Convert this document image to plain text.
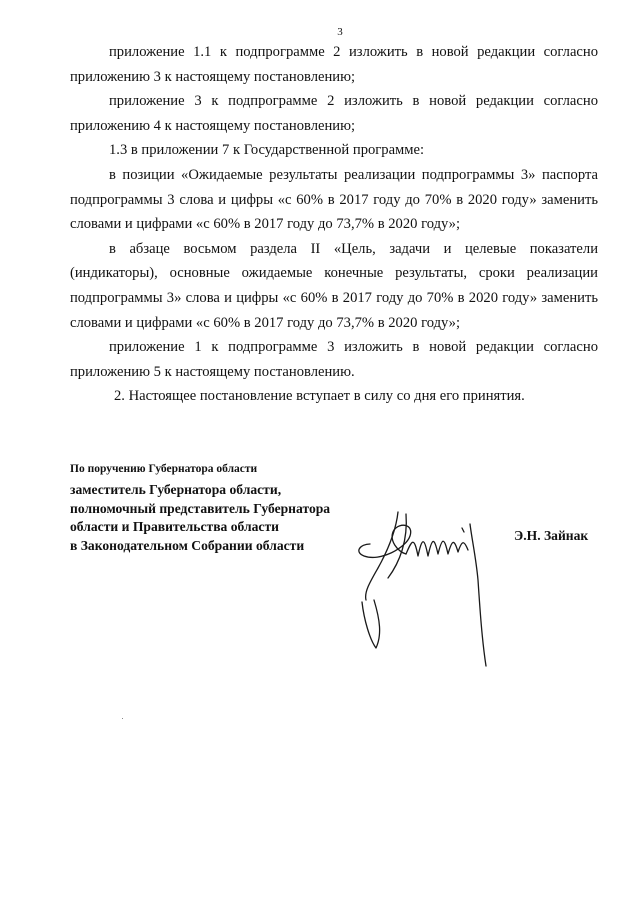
3

приложение 1.1 к подпрограмме 2 изложить в новой редакции согласно приложению 3 к настоящему постановлению;

приложение 3 к подпрограмме 2 изложить в новой редакции согласно приложению 4 к настоящему постановлению;

1.3 в приложении 7 к Государственной программе:

в позиции «Ожидаемые результаты реализации подпрограммы 3» паспорта подпрограммы 3 слова и цифры «с 60% в 2017 году до 70% в 2020 году» заменить словами и цифрами «с 60% в 2017 году до 73,7% в 2020 году»;

в абзаце восьмом раздела II «Цель, задачи и целевые показатели (индикаторы), основные ожидаемые конечные результаты, сроки реализации подпрограммы 3» слова и цифры «с 60% в 2017 году до 70% в 2020 году» заменить словами и цифрами «с 60% в 2017 году до 73,7% в 2020 году»;

приложение 1 к подпрограмме 3 изложить в новой редакции согласно приложению 5 к настоящему постановлению.

2. Настоящее постановление вступает в силу со дня его принятия.

По поручению Губернатора области
заместитель Губернатора области,
полномочный представитель Губернатора
области и Правительства области
в Законодательном Собрании области
Э.Н. Зайнак
